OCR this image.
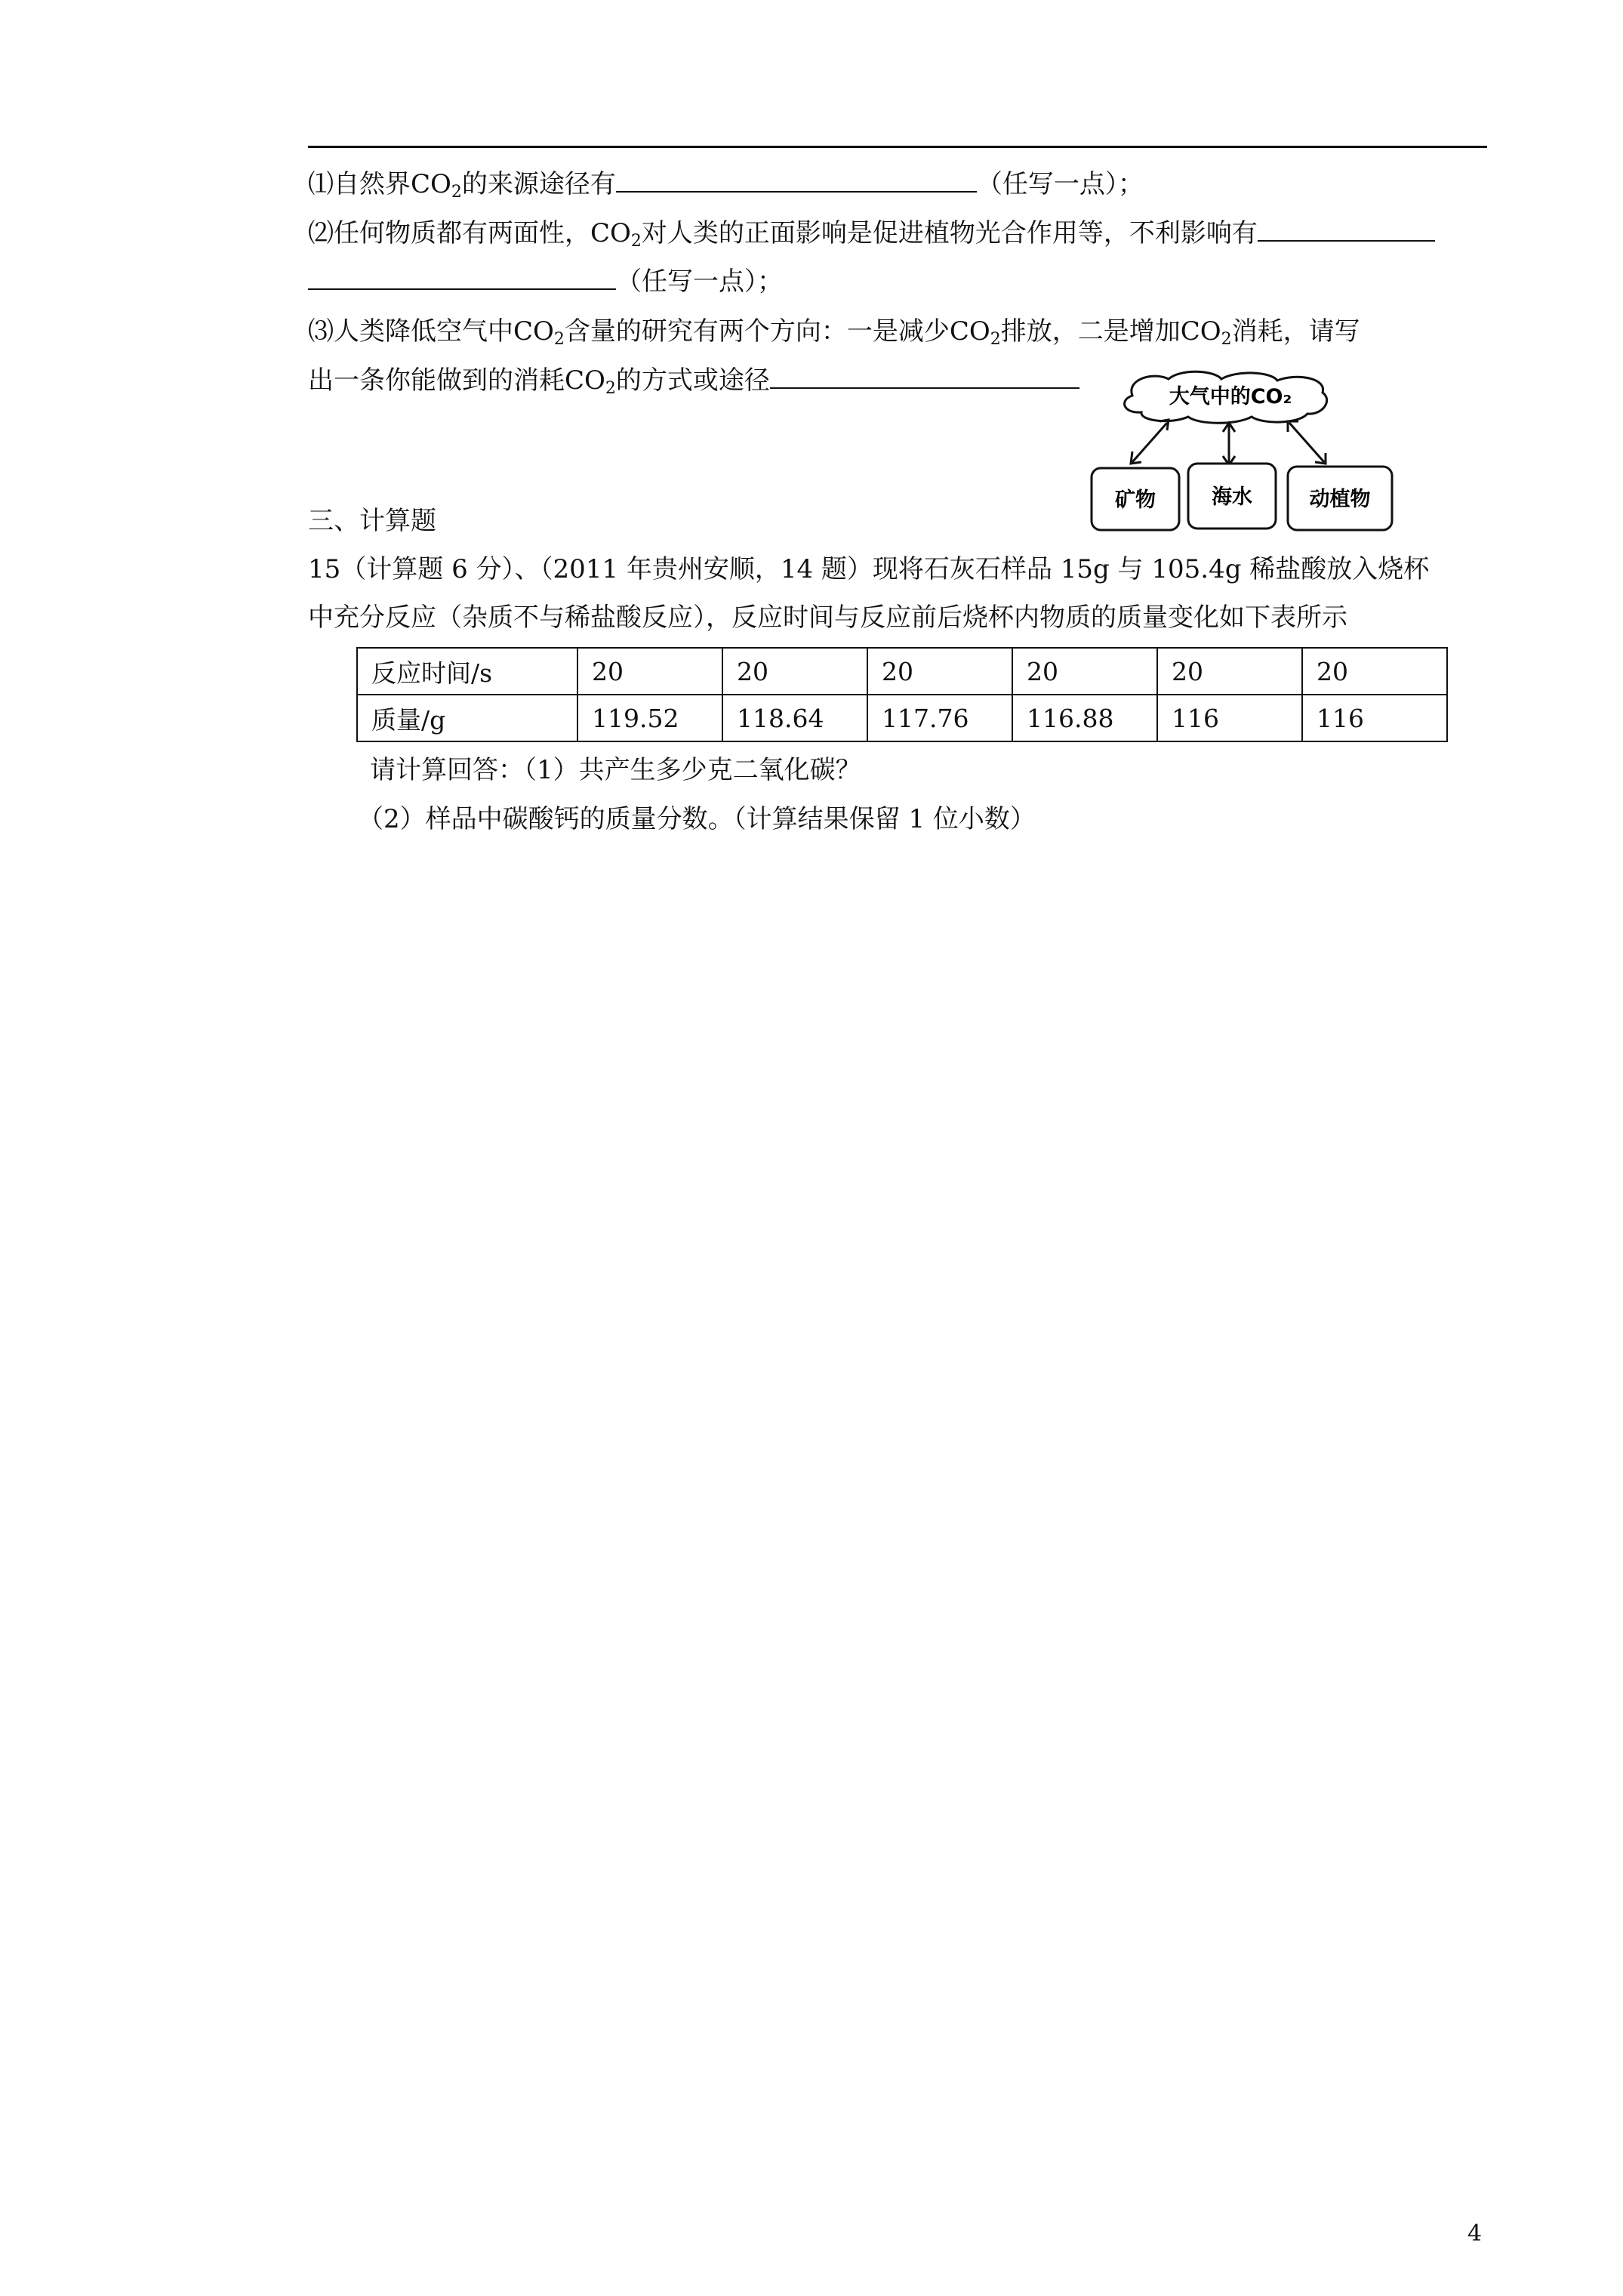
⑴自然界$CO_2$的来源途径有	（任写一点）；
⑵任何物质都有两面性，$CO_2$对人类的正面影响是促进植物光合作用等，不利影响有
（任写一点）；
⑶人类降低空气中$CO_2$含量的研究有两个方向：一是减少$CO_2$排放，二是增加$CO_2$消耗，请写
出一条你能做到的消耗$CO_2$的方式或途径
大气中的CO₂
矿物	海水	动植物
三、计算题
15（计算题 6 分）、（2011 年贵州安顺，14 题）现将石灰石样品 15g 与 105.4g 稀盐酸放入烧杯
中充分反应（杂质不与稀盐酸反应），反应时间与反应前后烧杯内物质的质量变化如下表所示
反应时间/s	20	20	20	20	20	20
质量/g	119.52	118.64	117.76	116.88	116	116
请计算回答：（1）共产生多少克二氧化碳？
（2）样品中碳酸钙的质量分数。（计算结果保留 1 位小数）
4
